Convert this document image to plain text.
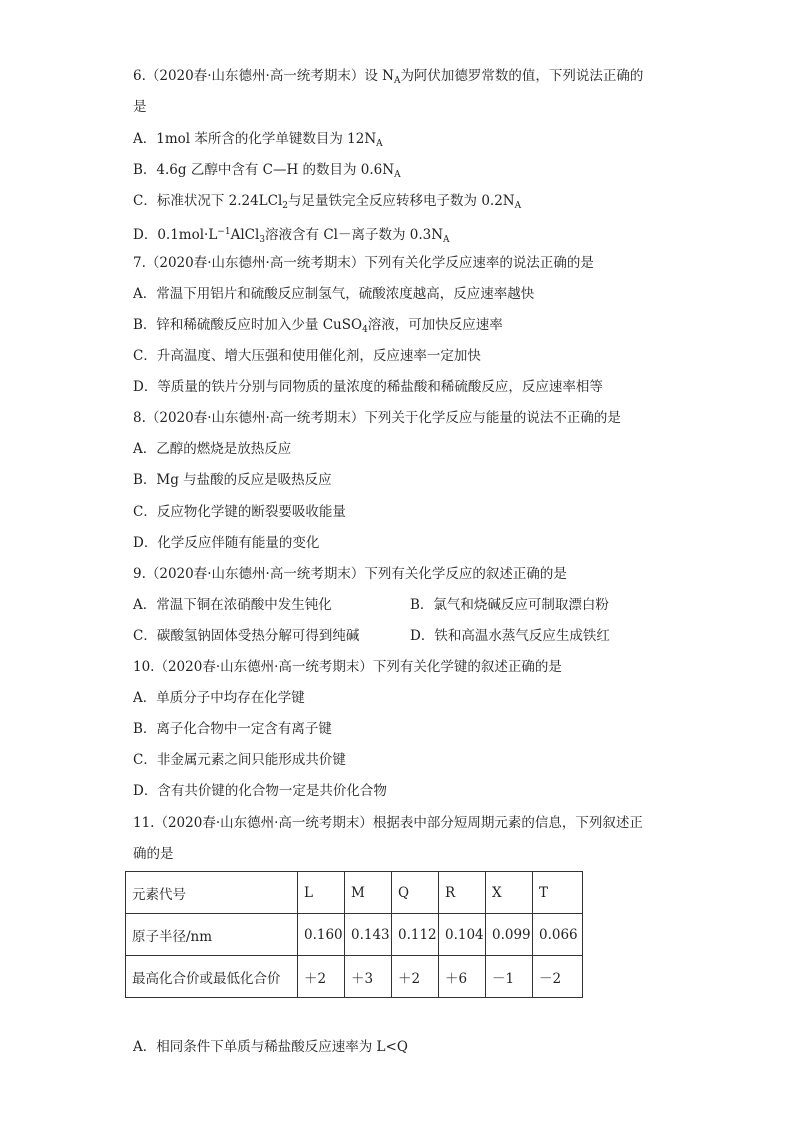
6.（2020春·山东德州·高一统考期末）设 $N_A$为阿伏加德罗常数的值，下列说法正确的
是
A．1mol 苯所含的化学单键数目为 $12N_A$
B．4.6g 乙醇中含有 C—H 的数目为 $0.6N_A$
C．标准状况下 2.24LCl$_2$与足量铁完全反应转移电子数为 $0.2N_A$
D．$0.1mol\cdot L^{-1}AlCl_3$溶液含有 Cl－离子数为 $0.3N_A$
7.（2020春·山东德州·高一统考期末）下列有关化学反应速率的说法正确的是
A．常温下用铝片和硫酸反应制氢气，硫酸浓度越高，反应速率越快
B．锌和稀硫酸反应时加入少量 CuSO$_4$溶液，可加快反应速率
C．升高温度、增大压强和使用催化剂，反应速率一定加快
D．等质量的铁片分别与同物质的量浓度的稀盐酸和稀硫酸反应，反应速率相等
8.（2020春·山东德州·高一统考期末）下列关于化学反应与能量的说法不正确的是
A．乙醇的燃烧是放热反应
B．Mg 与盐酸的反应是吸热反应
C．反应物化学键的断裂要吸收能量
D．化学反应伴随有能量的变化
9.（2020春·山东德州·高一统考期末）下列有关化学反应的叙述正确的是
A．常温下铜在浓硝酸中发生钝化	B．氯气和烧碱反应可制取漂白粉
C．碳酸氢钠固体受热分解可得到纯碱	D．铁和高温水蒸气反应生成铁红
10.（2020春·山东德州·高一统考期末）下列有关化学键的叙述正确的是
A．单质分子中均存在化学键
B．离子化合物中一定含有离子键
C．非金属元素之间只能形成共价键
D．含有共价键的化合物一定是共价化合物
11.（2020春·山东德州·高一统考期末）根据表中部分短周期元素的信息，下列叙述正
确的是
元素代号	L	M	Q	R	X	T
原子半径/nm	0.160	0.143	0.112	0.104	0.099	0.066
最高化合价或最低化合价	＋2	＋3	＋2	＋6	－1	－2
A．相同条件下单质与稀盐酸反应速率为 L<Q
